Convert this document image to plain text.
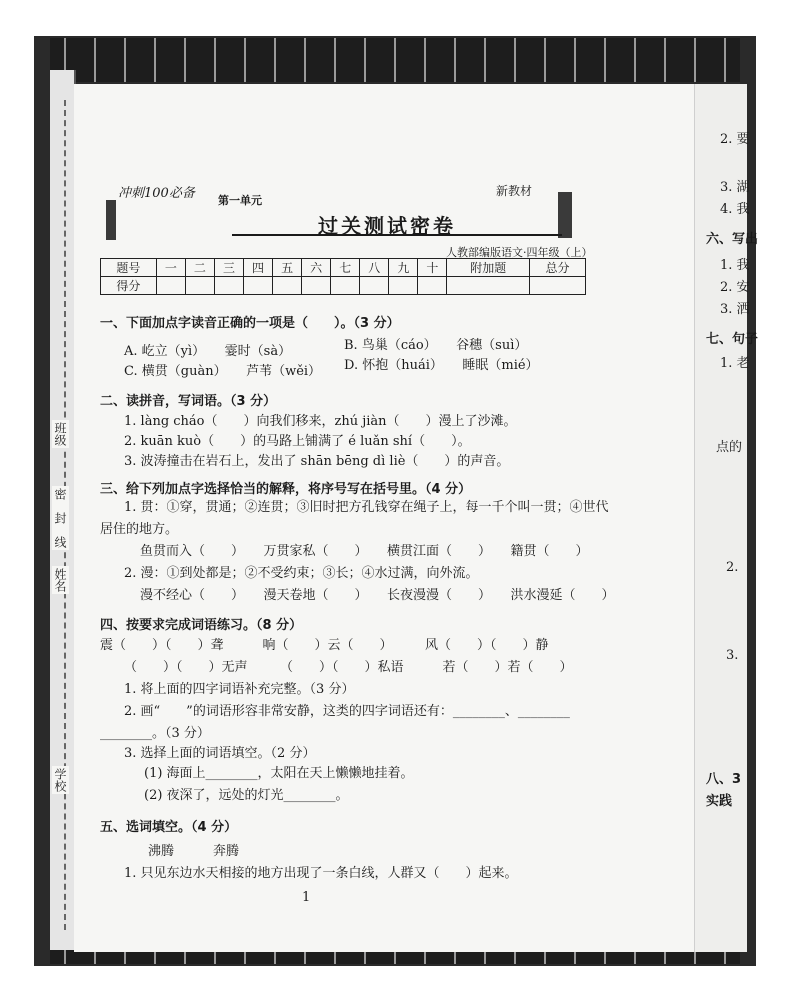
班级
密　封　线
姓名
学校
冲刺100必备 第一单元
新教材
过关测试密卷
人教部编版语文·四年级（上）
题号	一	二	三	四	五	六	七	八	九	十	附加题	总分
得分												
一、下面加点字读音正确的一项是（　　）。（3 分）
A. 屹立（yì）　　霎时（sà）	B. 鸟巢（cáo）　　谷穗（suì）
C. 横贯（guàn）　　芦苇（wěi） D. 怀抱（huái）　　睡眠（mié）
二、读拼音，写词语。（3 分）
1. làng cháo（　　）向我们移来，zhú jiàn（　　）漫上了沙滩。
2. kuān kuò（　　）的马路上铺满了 é luǎn shí（　　）。
3. 波涛撞击在岩石上，发出了 shān bēng dì liè（　　）的声音。
三、给下列加点字选择恰当的解释，将序号写在括号里。（4 分）
1. 贯：①穿，贯通；②连贯；③旧时把方孔钱穿在绳子上，每一千个叫一贯；④世代
居住的地方。
鱼贯而入（　　）　　万贯家私（　　）　　横贯江面（　　）　　籍贯（　　）
2. 漫：①到处都是；②不受约束；③长；④水过满，向外流。
漫不经心（　　）　　漫天卷地（　　）　　长夜漫漫（　　）　　洪水漫延（　　）
四、按要求完成词语练习。（8 分）
震（　　）（　　）聋　　　响（　　）云（　　）　　　风（　　）（　　）静
（　　）（　　）无声　　　（　　）（　　）私语　　　若（　　）若（　　）
1. 将上面的四字词语补充完整。（3 分）
2. 画“　　”的词语形容非常安静，这类的四字词语还有：________、________
________。（3 分）
3. 选择上面的词语填空。（2 分）
(1) 海面上________，太阳在天上懒懒地挂着。
(2) 夜深了，远处的灯光________。
五、选词填空。（4 分）
沸腾　　　奔腾
1. 只见东边水天相接的地方出现了一条白线，人群又（　　）起来。
1
2. 要
3. 湖
4. 我
六、写出
1. 我
2. 安
3. 洒
七、句子
1. 老
点的
2.
3.
八、3
实践
